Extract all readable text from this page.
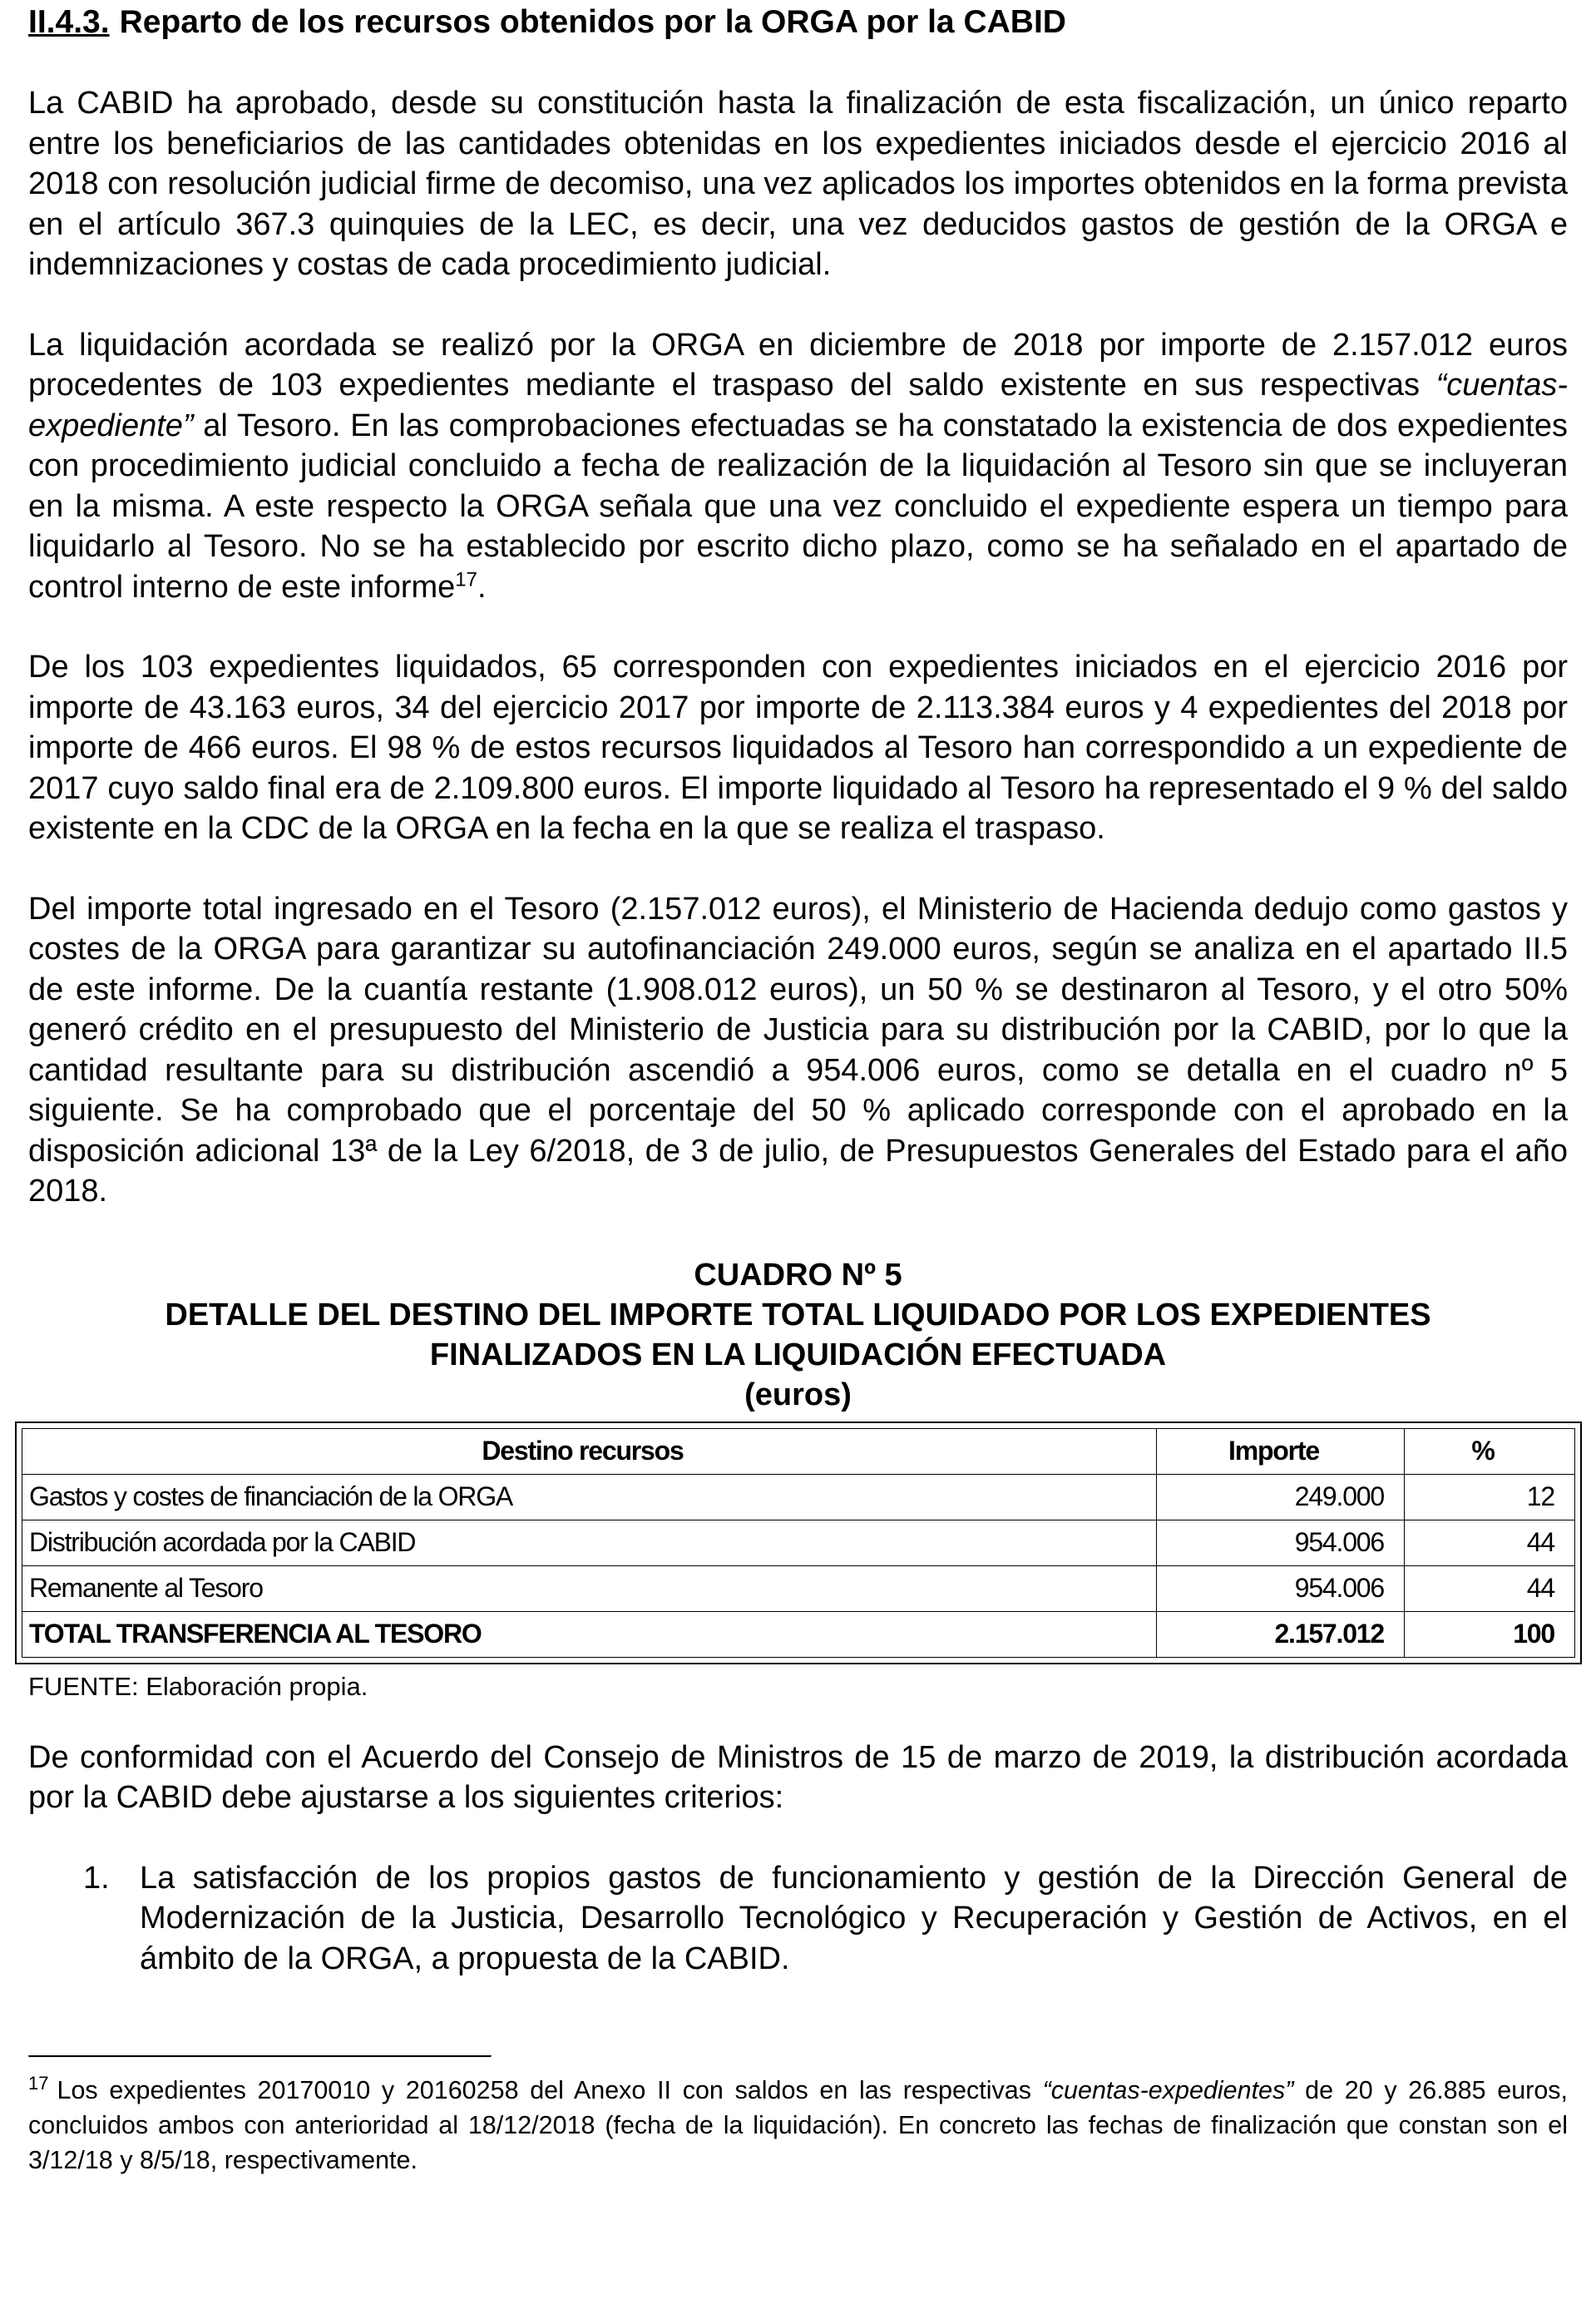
II.4.3. Reparto de los recursos obtenidos por la ORGA por la CABID

La CABID ha aprobado, desde su constitución hasta la finalización de esta fiscalización, un único reparto entre los beneficiarios de las cantidades obtenidas en los expedientes iniciados desde el ejercicio 2016 al 2018 con resolución judicial firme de decomiso, una vez aplicados los importes obtenidos en la forma prevista en el artículo 367.3 quinquies de la LEC, es decir, una vez deducidos gastos de gestión de la ORGA e indemnizaciones y costas de cada procedimiento judicial.

La liquidación acordada se realizó por la ORGA en diciembre de 2018 por importe de 2.157.012 euros procedentes de 103 expedientes mediante el traspaso del saldo existente en sus respectivas “cuentas-expediente” al Tesoro. En las comprobaciones efectuadas se ha constatado la existencia de dos expedientes con procedimiento judicial concluido a fecha de realización de la liquidación al Tesoro sin que se incluyeran en la misma. A este respecto la ORGA señala que una vez concluido el expediente espera un tiempo para liquidarlo al Tesoro. No se ha establecido por escrito dicho plazo, como se ha señalado en el apartado de control interno de este informe$^{17}$.

De los 103 expedientes liquidados, 65 corresponden con expedientes iniciados en el ejercicio 2016 por importe de 43.163 euros, 34 del ejercicio 2017 por importe de 2.113.384 euros y 4 expedientes del 2018 por importe de 466 euros. El 98 % de estos recursos liquidados al Tesoro han correspondido a un expediente de 2017 cuyo saldo final era de 2.109.800 euros. El importe liquidado al Tesoro ha representado el 9 % del saldo existente en la CDC de la ORGA en la fecha en la que se realiza el traspaso.

Del importe total ingresado en el Tesoro (2.157.012 euros), el Ministerio de Hacienda dedujo como gastos y costes de la ORGA para garantizar su autofinanciación 249.000 euros, según se analiza en el apartado II.5 de este informe. De la cuantía restante (1.908.012 euros), un 50 % se destinaron al Tesoro, y el otro 50% generó crédito en el presupuesto del Ministerio de Justicia para su distribución por la CABID, por lo que la cantidad resultante para su distribución ascendió a 954.006 euros, como se detalla en el cuadro nº 5 siguiente. Se ha comprobado que el porcentaje del 50 % aplicado corresponde con el aprobado en la disposición adicional 13ª de la Ley 6/2018, de 3 de julio, de Presupuestos Generales del Estado para el año 2018.

CUADRO Nº 5

DETALLE DEL DESTINO DEL IMPORTE TOTAL LIQUIDADO POR LOS EXPEDIENTES

FINALIZADOS EN LA LIQUIDACIÓN EFECTUADA

(euros)

Destino recursos	Importe	%
Gastos y costes de financiación de la ORGA	249.000	12
Distribución acordada por la CABID	954.006	44
Remanente al Tesoro	954.006	44
TOTAL TRANSFERENCIA AL TESORO	2.157.012	100

FUENTE: Elaboración propia.

De conformidad con el Acuerdo del Consejo de Ministros de 15 de marzo de 2019, la distribución acordada por la CABID debe ajustarse a los siguientes criterios:

1. La satisfacción de los propios gastos de funcionamiento y gestión de la Dirección General de Modernización de la Justicia, Desarrollo Tecnológico y Recuperación y Gestión de Activos, en el ámbito de la ORGA, a propuesta de la CABID.

$^{17}$ Los expedientes 20170010 y 20160258 del Anexo II con saldos en las respectivas “cuentas-expedientes” de 20 y 26.885 euros, concluidos ambos con anterioridad al 18/12/2018 (fecha de la liquidación). En concreto las fechas de finalización que constan son el 3/12/18 y 8/5/18, respectivamente.
